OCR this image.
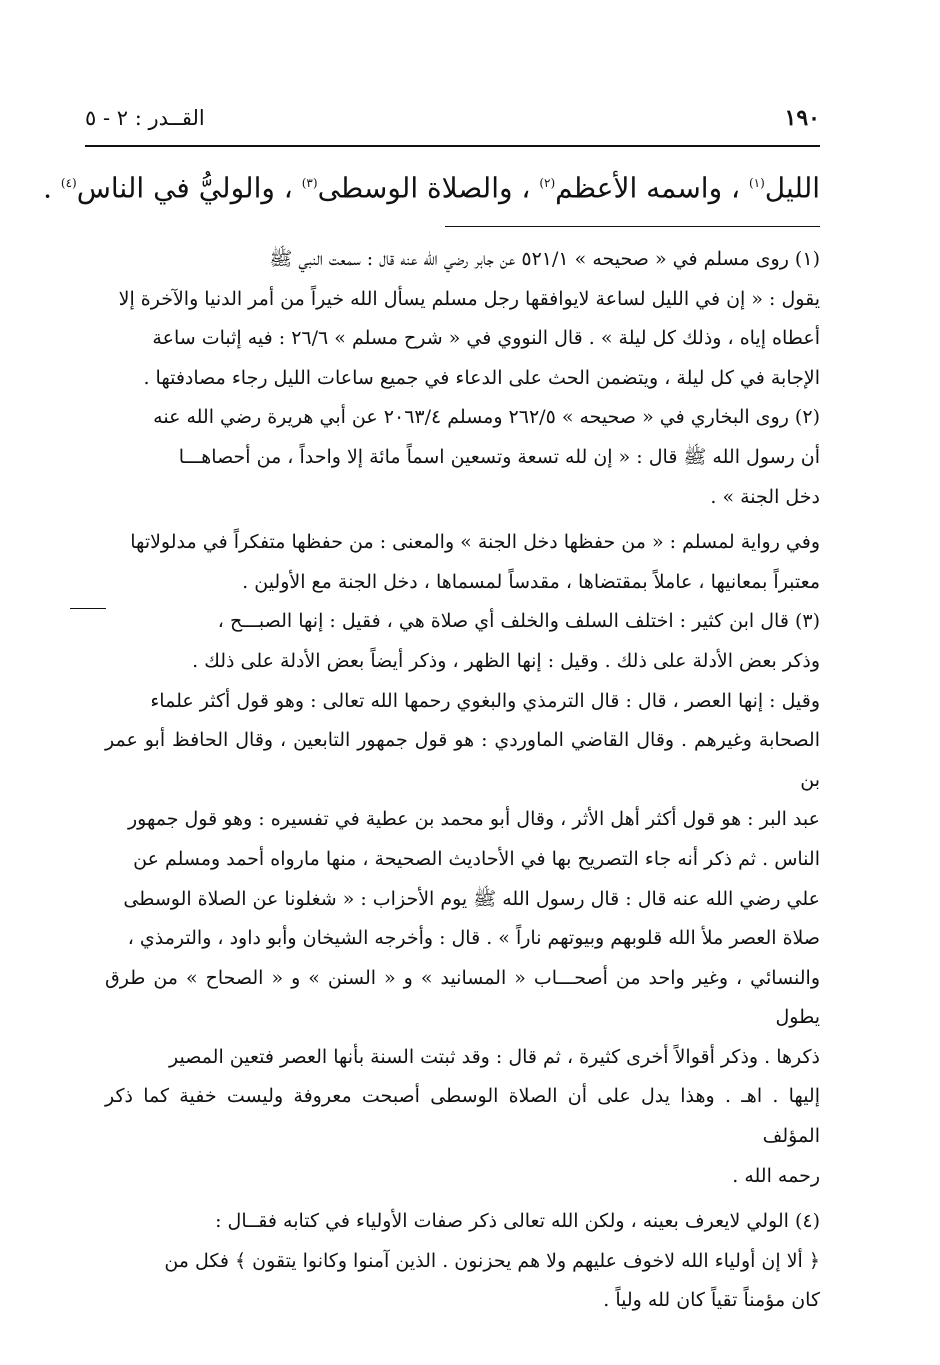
١٩٠
القــدر : ٢ - ٥
الليل$^{(١)}$ ، واسمه الأعظم$^{(٢)}$ ، والصلاة الوسطى$^{(٣)}$ ، والوليُّ في الناس$^{(٤)}$ .

(١) روى مسلم في « صحيحه » ٥٢١/١ عن جابر رضي الله عنه قال : سمعت النبي ﷺ

يقول : « إن في الليل لساعة لايوافقها رجل مسلم يسأل الله خيراً من أمر الدنيا والآخرة إلا

أعطاه إياه ، وذلك كل ليلة » . قال النووي في « شرح مسلم » ٢٦/٦ : فيه إثبات ساعة

الإجابة في كل ليلة ، ويتضمن الحث على الدعاء في جميع ساعات الليل رجاء مصادفتها .

(٢) روى البخاري في « صحيحه » ٢٦٢/٥ ومسلم ٢٠٦٣/٤ عن أبي هريرة رضي الله عنه

أن رسول الله ﷺ قال : « إن لله تسعة وتسعين اسماً مائة إلا واحداً ، من أحصاهـــا

دخل الجنة » .

وفي رواية لمسلم : « من حفظها دخل الجنة » والمعنى : من حفظها متفكراً في مدلولاتها

معتبراً بمعانيها ، عاملاً بمقتضاها ، مقدساً لمسماها ، دخل الجنة مع الأولين .

(٣) قال ابن كثير : اختلف السلف والخلف أي صلاة هي ، فقيل : إنها الصبـــح ،

وذكر بعض الأدلة على ذلك . وقيل : إنها الظهر ، وذكر أيضاً بعض الأدلة على ذلك .

وقيل : إنها العصر ، قال : قال الترمذي والبغوي رحمها الله تعالى : وهو قول أكثر علماء

الصحابة وغيرهم . وقال القاضي الماوردي : هو قول جمهور التابعين ، وقال الحافظ أبو عمر بن

عبد البر : هو قول أكثر أهل الأثر ، وقال أبو محمد بن عطية في تفسيره : وهو قول جمهور

الناس . ثم ذكر أنه جاء التصريح بها في الأحاديث الصحيحة ، منها مارواه أحمد ومسلم عن

علي رضي الله عنه قال : قال رسول الله ﷺ يوم الأحزاب : « شغلونا عن الصلاة الوسطى

صلاة العصر ملأ الله قلوبهم وبيوتهم ناراً » . قال : وأخرجه الشيخان وأبو داود ، والترمذي ،

والنسائي ، وغير واحد من أصحـــاب « المسانيد » و « السنن » و « الصحاح » من طرق يطول

ذكرها . وذكر أقوالاً أخرى كثيرة ، ثم قال : وقد ثبتت السنة بأنها العصر فتعين المصير

إليها . اهـ . وهذا يدل على أن الصلاة الوسطى أصبحت معروفة وليست خفية كما ذكر المؤلف

رحمه الله .

(٤) الولي لايعرف بعينه ، ولكن الله تعالى ذكر صفات الأولياء في كتابه فقــال :

﴿ ألا إن أولياء الله لاخوف عليهم ولا هم يحزنون . الذين آمنوا وكانوا يتقون ﴾ فكل من

كان مؤمناً تقياً كان لله ولياً .
